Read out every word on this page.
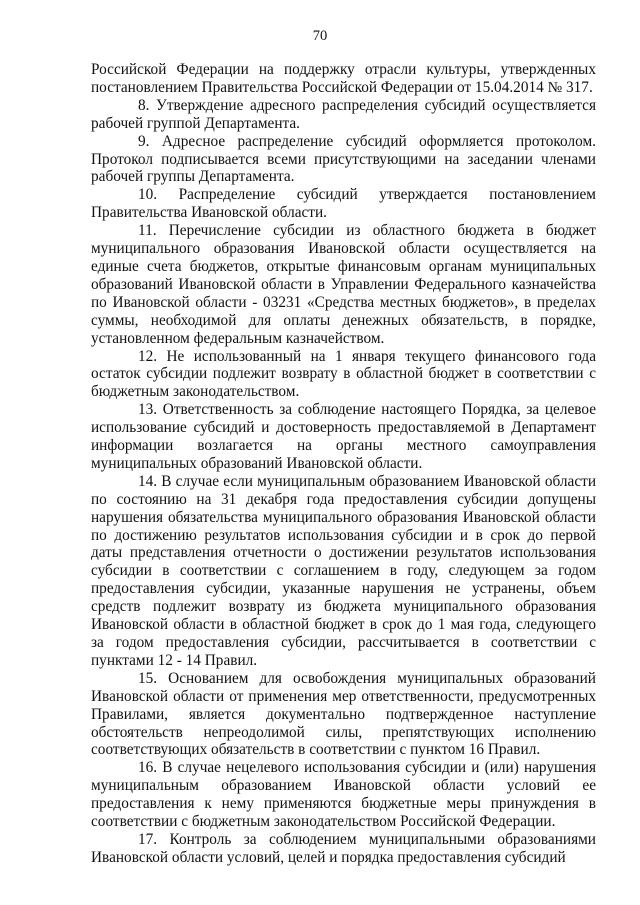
70

Российской Федерации на поддержку отрасли культуры, утвержденных постановлением Правительства Российской Федерации от 15.04.2014 № 317.

8. Утверждение адресного распределения субсидий осуществляется рабочей группой Департамента.

9. Адресное распределение субсидий оформляется протоколом. Протокол подписывается всеми присутствующими на заседании членами рабочей группы Департамента.

10. Распределение субсидий утверждается постановлением Правительства Ивановской области.

11. Перечисление субсидии из областного бюджета в бюджет муниципального образования Ивановской области осуществляется на единые счета бюджетов, открытые финансовым органам муниципальных образований Ивановской области в Управлении Федерального казначейства по Ивановской области - 03231 «Средства местных бюджетов», в пределах суммы, необходимой для оплаты денежных обязательств, в порядке, установленном федеральным казначейством.

12. Не использованный на 1 января текущего финансового года остаток субсидии подлежит возврату в областной бюджет в соответствии с бюджетным законодательством.

13. Ответственность за соблюдение настоящего Порядка, за целевое использование субсидий и достоверность предоставляемой в Департамент информации возлагается на органы местного самоуправления муниципальных образований Ивановской области.

14. В случае если муниципальным образованием Ивановской области по состоянию на 31 декабря года предоставления субсидии допущены нарушения обязательства муниципального образования Ивановской области по достижению результатов использования субсидии и в срок до первой даты представления отчетности о достижении результатов использования субсидии в соответствии с соглашением в году, следующем за годом предоставления субсидии, указанные нарушения не устранены, объем средств подлежит возврату из бюджета муниципального образования Ивановской области в областной бюджет в срок до 1 мая года, следующего за годом предоставления субсидии, рассчитывается в соответствии с пунктами 12 - 14 Правил.

15. Основанием для освобождения муниципальных образований Ивановской области от применения мер ответственности, предусмотренных Правилами, является документально подтвержденное наступление обстоятельств непреодолимой силы, препятствующих исполнению соответствующих обязательств в соответствии с пунктом 16 Правил.

16. В случае нецелевого использования субсидии и (или) нарушения муниципальным образованием Ивановской области условий ее предоставления к нему применяются бюджетные меры принуждения в соответствии с бюджетным законодательством Российской Федерации.

17. Контроль за соблюдением муниципальными образованиями Ивановской области условий, целей и порядка предоставления субсидий
